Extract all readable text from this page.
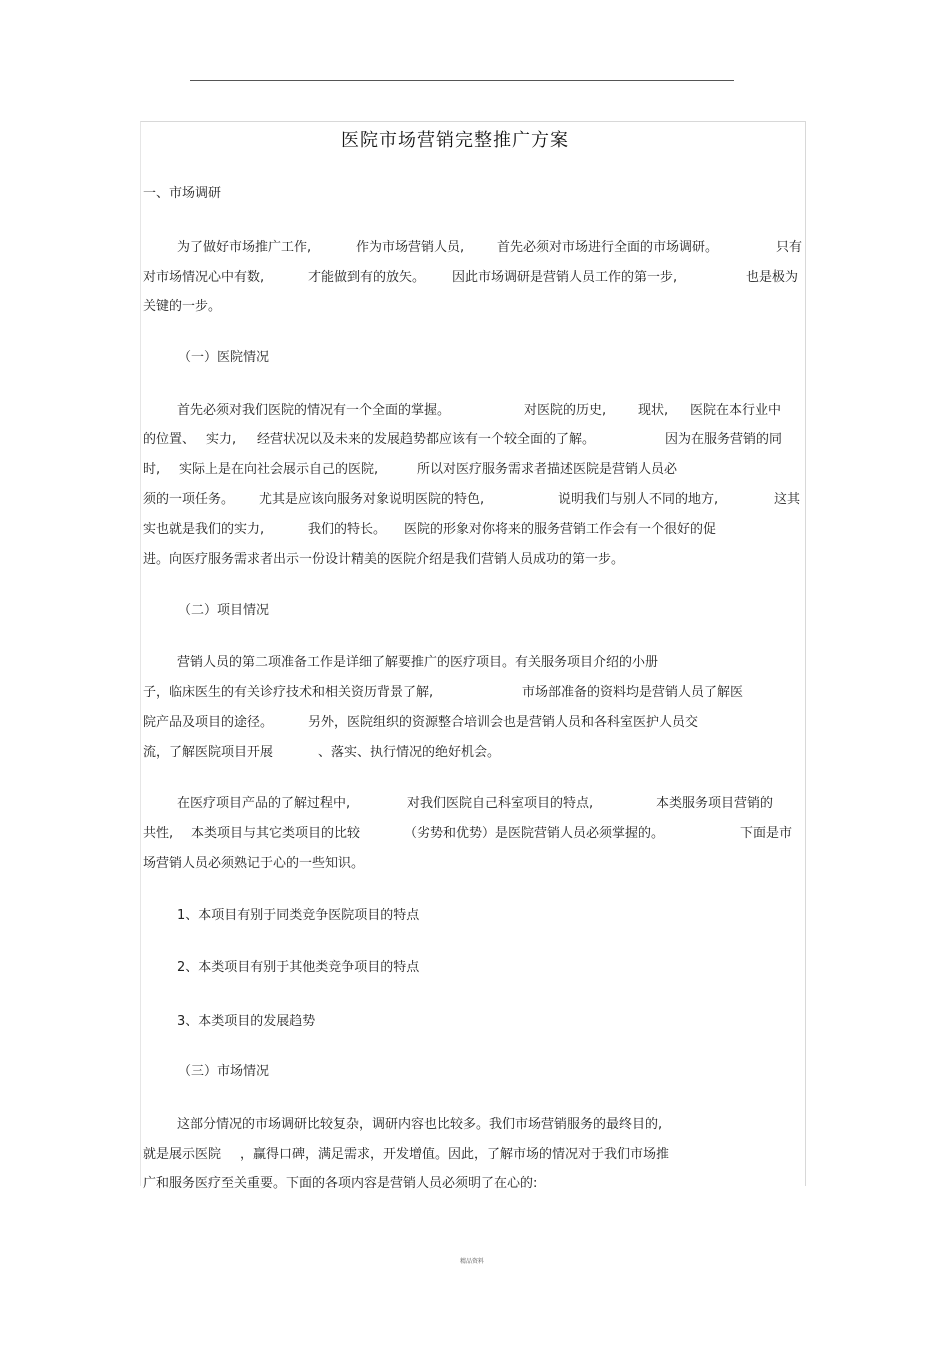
医院市场营销完整推广方案
一、市场调研
为了做好市场推广工作,	作为市场营销人员,	首先必须对市场进行全面的市场调研。	只有
对市场情况心中有数,	才能做到有的放矢。 因此市场调研是营销人员工作的第一步,	也是极为
关键的一步。
（一）医院情况
首先必须对我们医院的情况有一个全面的掌握。	对医院的历史, 现状, 医院在本行业中
的位置、 实力, 经营状况以及未来的发展趋势都应该有一个较全面的了解。	因为在服务营销的同
时, 实际上是在向社会展示自己的医院,	所以对医疗服务需求者描述医院是营销人员必
须的一项任务。 尤其是应该向服务对象说明医院的特色,	说明我们与别人不同的地方,	这其
实也就是我们的实力,	我们的特长。 医院的形象对你将来的服务营销工作会有一个很好的促
进。向医疗服务需求者出示一份设计精美的医院介绍是我们营销人员成功的第一步。
（二）项目情况
营销人员的第二项准备工作是详细了解要推广的医疗项目。有关服务项目介绍的小册
子，临床医生的有关诊疗技术和相关资历背景了解,	市场部准备的资料均是营销人员了解医
院产品及项目的途径。	另外，医院组织的资源整合培训会也是营销人员和各科室医护人员交
流，了解医院项目开展	、落实、执行情况的绝好机会。
在医疗项目产品的了解过程中,	对我们医院自己科室项目的特点,	本类服务项目营销的
共性, 本类项目与其它类项目的比较	（劣势和优势）是医院营销人员必须掌握的。	下面是市
场营销人员必须熟记于心的一些知识。
1、本项目有别于同类竞争医院项目的特点
2、本类项目有别于其他类竞争项目的特点
3、本类项目的发展趋势
（三）市场情况
这部分情况的市场调研比较复杂，调研内容也比较多。我们市场营销服务的最终目的,
就是展示医院 ，赢得口碑，满足需求，开发增值。因此，了解市场的情况对于我们市场推
广和服务医疗至关重要。下面的各项内容是营销人员必须明了在心的:
精品资料
